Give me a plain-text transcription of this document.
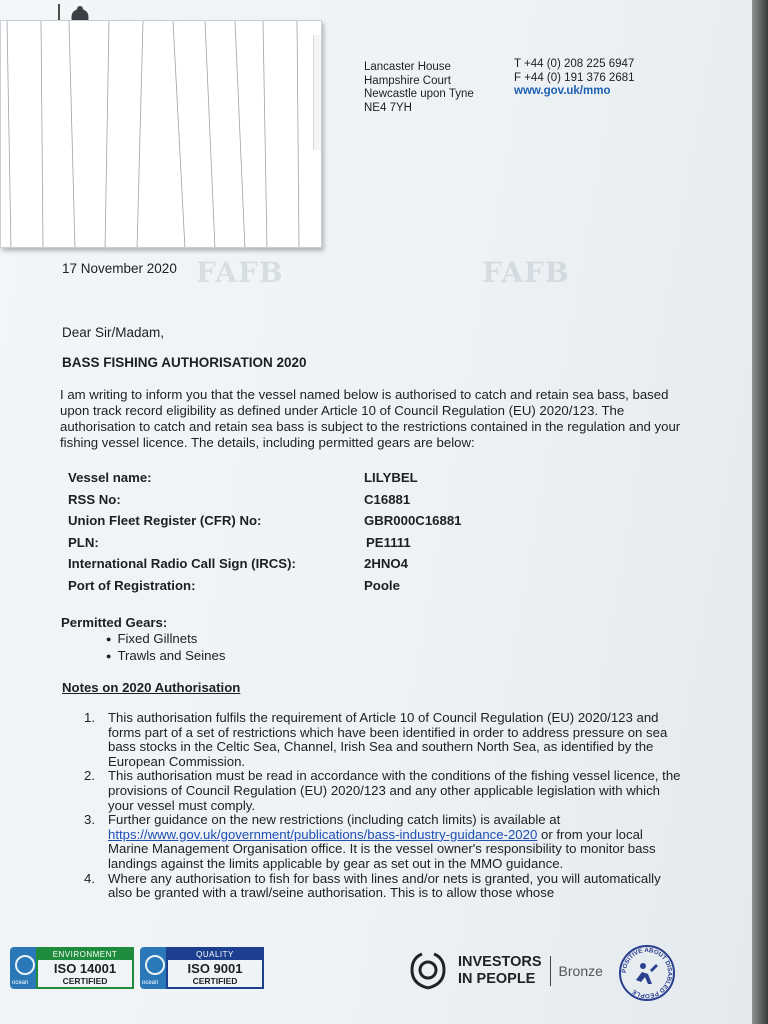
Lancaster House
Hampshire Court
Newcastle upon Tyne
NE4 7YH
T +44 (0) 208 225 6947
F +44 (0) 191 376 2681
www.gov.uk/mmo
FAFB	FAFB
17 November 2020
Dear Sir/Madam,
BASS FISHING AUTHORISATION 2020

I am writing to inform you that the vessel named below is authorised to catch and retain sea bass, based upon track record eligibility as defined under Article 10 of Council Regulation (EU) 2020/123. The authorisation to catch and retain sea bass is subject to the restrictions contained in the regulation and your fishing vessel licence. The details, including permitted gears are below:

Vessel name:	LILYBEL
RSS No:	C16881
Union Fleet Register (CFR) No:	GBR000C16881
PLN:	PE1111
International Radio Call Sign (IRCS):	2HNO4
Port of Registration:	Poole
Permitted Gears:
● Fixed Gillnets
● Trawls and Seines
Notes on 2020 Authorisation
1. This authorisation fulfils the requirement of Article 10 of Council Regulation (EU) 2020/123 and forms part of a set of restrictions which have been identified in order to address pressure on sea bass stocks in the Celtic Sea, Channel, Irish Sea and southern North Sea, as identified by the European Commission.
2. This authorisation must be read in accordance with the conditions of the fishing vessel licence, the provisions of Council Regulation (EU) 2020/123 and any other applicable legislation with which your vessel must comply.
3. Further guidance on the new restrictions (including catch limits) is available at https://www.gov.uk/government/publications/bass-industry-guidance-2020 or from your local Marine Management Organisation office. It is the vessel owner's responsibility to monitor bass landings against the limits applicable by gear as set out in the MMO guidance.
4. Where any authorisation to fish for bass with lines and/or nets is granted, you will automatically also be granted with a trawl/seine authorisation. This is to allow those whose
ocean
ENVIRONMENT
ISO 14001
CERTIFIED	ocean
QUALITY
ISO 9001
CERTIFIED
INVESTORS
IN PEOPLE	Bronze	POSITIVE ABOUT DISABLED PEOPLE
